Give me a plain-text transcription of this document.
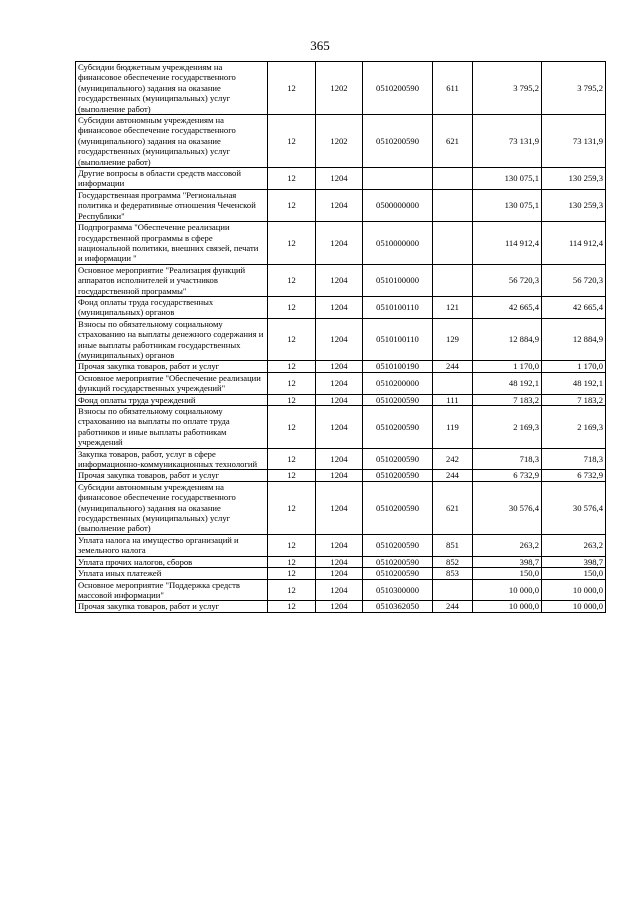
365
Субсидии бюджетным учреждениям на финансовое обеспечение государственного (муниципального) задания на оказание государственных (муниципальных) услуг (выполнение работ)	12	1202	0510200590	611	3 795,2	3 795,2
Субсидии автономным учреждениям на финансовое обеспечение государственного (муниципального) задания на оказание государственных (муниципальных) услуг (выполнение работ)	12	1202	0510200590	621	73 131,9	73 131,9
Другие вопросы в области средств массовой информации	12	1204			130 075,1	130 259,3
Государственная программа "Региональная политика и федеративные отношения Чеченской Республики"	12	1204	0500000000		130 075,1	130 259,3
Подпрограмма "Обеспечение реализации государственной программы в сфере национальной политики, внешних связей, печати и информации "	12	1204	0510000000		114 912,4	114 912,4
Основное мероприятие "Реализация функций аппаратов исполнителей и участников государственной программы"	12	1204	0510100000		56 720,3	56 720,3
Фонд оплаты труда государственных (муниципальных) органов	12	1204	0510100110	121	42 665,4	42 665,4
Взносы по обязательному социальному страхованию на выплаты денежного содержания и иные выплаты работникам государственных (муниципальных) органов	12	1204	0510100110	129	12 884,9	12 884,9
Прочая закупка товаров, работ и услуг	12	1204	0510100190	244	1 170,0	1 170,0
Основное мероприятие "Обеспечение реализации функций государственных учреждений"	12	1204	0510200000		48 192,1	48 192,1
Фонд оплаты труда учреждений	12	1204	0510200590	111	7 183,2	7 183,2
Взносы по обязательному социальному страхованию на выплаты по оплате труда работников и иные выплаты работникам учреждений	12	1204	0510200590	119	2 169,3	2 169,3
Закупка товаров, работ, услуг в сфере информационно-коммуникационных технологий	12	1204	0510200590	242	718,3	718,3
Прочая закупка товаров, работ и услуг	12	1204	0510200590	244	6 732,9	6 732,9
Субсидии автономным учреждениям на финансовое обеспечение государственного (муниципального) задания на оказание государственных (муниципальных) услуг (выполнение работ)	12	1204	0510200590	621	30 576,4	30 576,4
Уплата налога на имущество организаций и земельного налога	12	1204	0510200590	851	263,2	263,2
Уплата прочих налогов, сборов	12	1204	0510200590	852	398,7	398,7
Уплата иных платежей	12	1204	0510200590	853	150,0	150,0
Основное мероприятие "Поддержка средств массовой информации"	12	1204	0510300000		10 000,0	10 000,0
Прочая закупка товаров, работ и услуг	12	1204	0510362050	244	10 000,0	10 000,0
